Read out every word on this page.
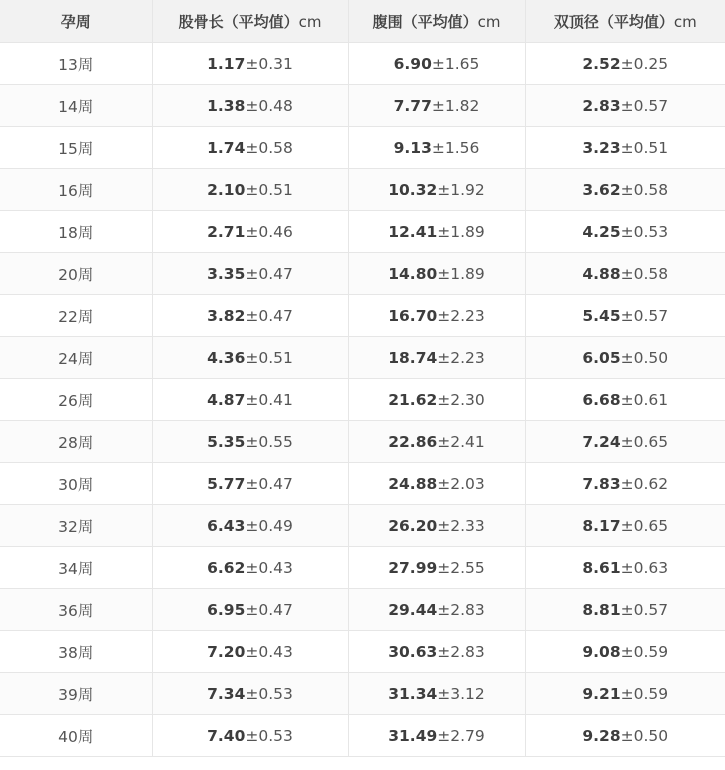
孕周	股骨长（平均值）cm	腹围（平均值）cm	双顶径（平均值）cm
13周	1.17±0.31	6.90±1.65	2.52±0.25
14周	1.38±0.48	7.77±1.82	2.83±0.57
15周	1.74±0.58	9.13±1.56	3.23±0.51
16周	2.10±0.51	10.32±1.92	3.62±0.58
18周	2.71±0.46	12.41±1.89	4.25±0.53
20周	3.35±0.47	14.80±1.89	4.88±0.58
22周	3.82±0.47	16.70±2.23	5.45±0.57
24周	4.36±0.51	18.74±2.23	6.05±0.50
26周	4.87±0.41	21.62±2.30	6.68±0.61
28周	5.35±0.55	22.86±2.41	7.24±0.65
30周	5.77±0.47	24.88±2.03	7.83±0.62
32周	6.43±0.49	26.20±2.33	8.17±0.65
34周	6.62±0.43	27.99±2.55	8.61±0.63
36周	6.95±0.47	29.44±2.83	8.81±0.57
38周	7.20±0.43	30.63±2.83	9.08±0.59
39周	7.34±0.53	31.34±3.12	9.21±0.59
40周	7.40±0.53	31.49±2.79	9.28±0.50
